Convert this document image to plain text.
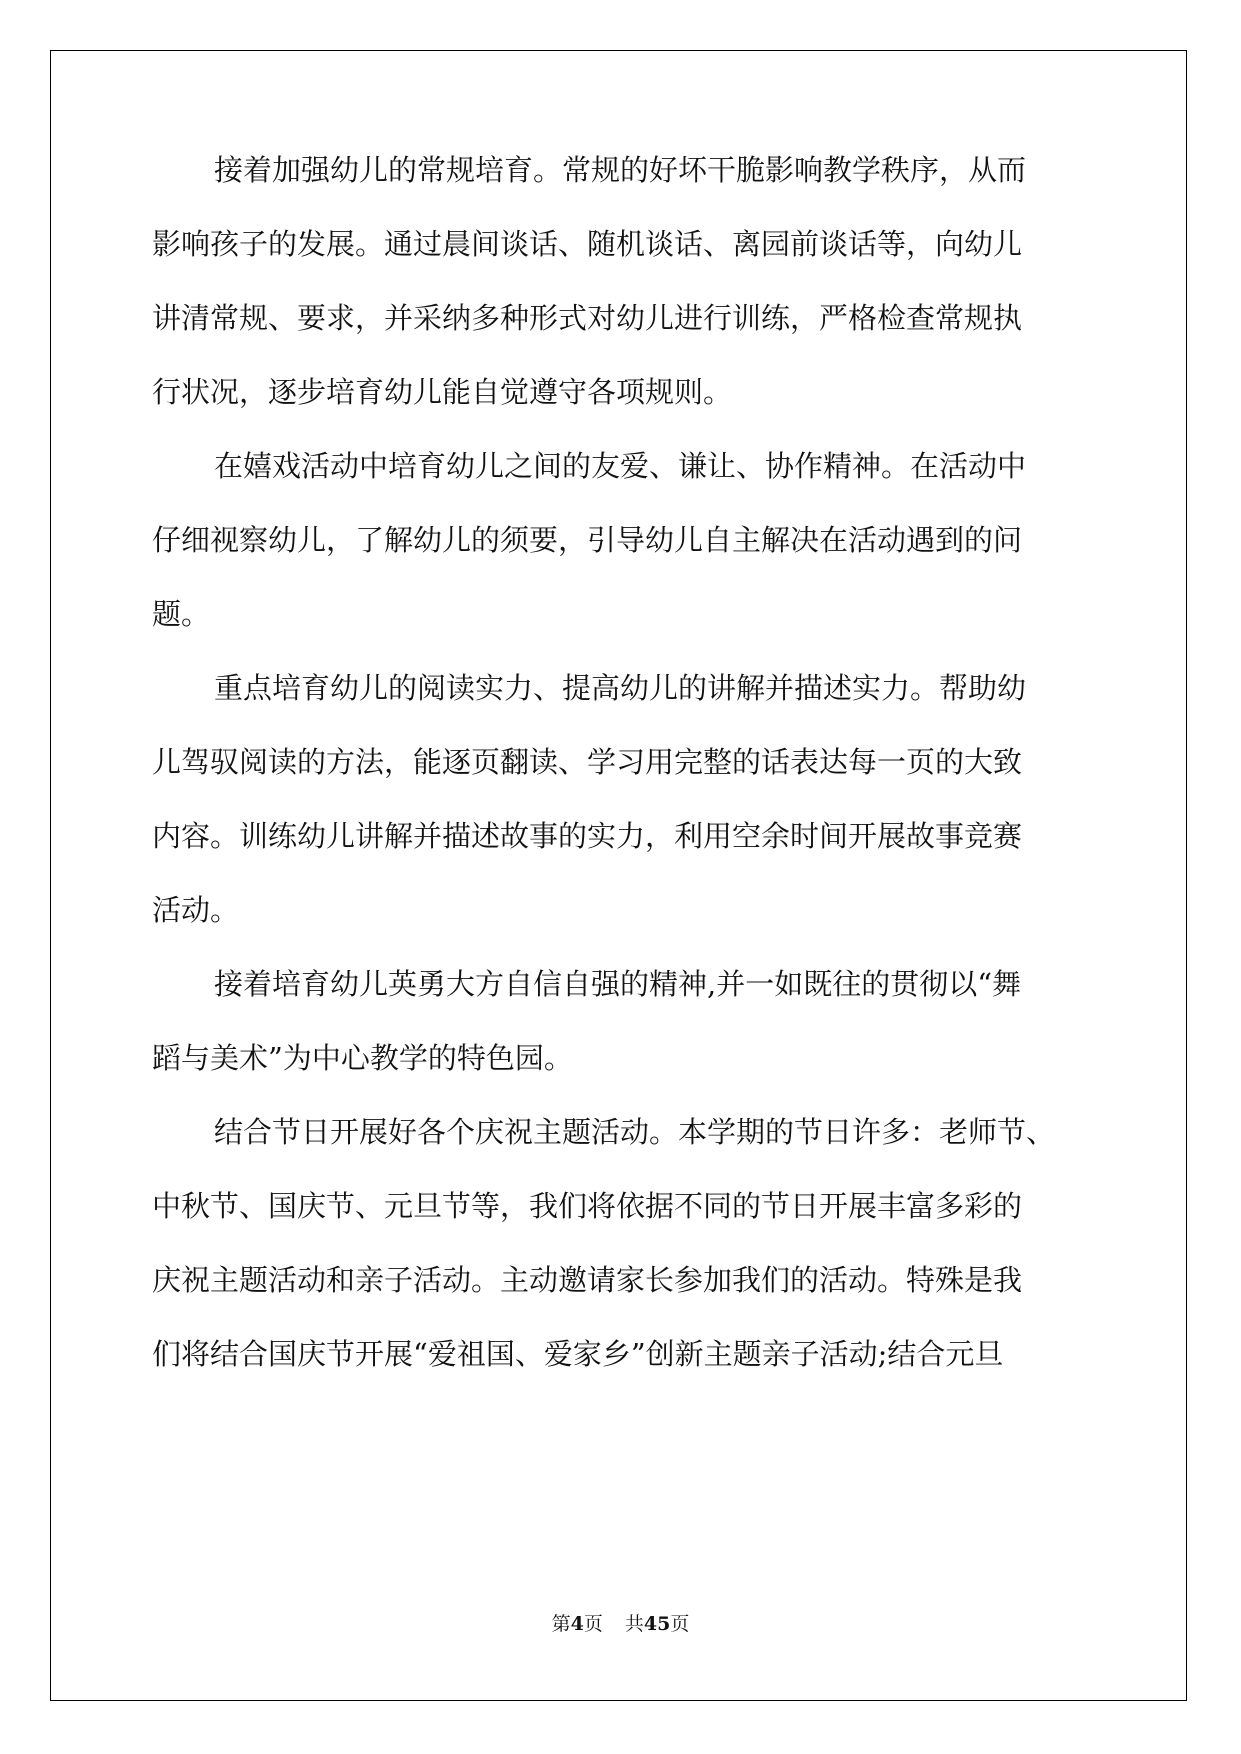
接着加强幼儿的常规培育。常规的好坏干脆影响教学秩序，从而
影响孩子的发展。通过晨间谈话、随机谈话、离园前谈话等，向幼儿
讲清常规、要求，并采纳多种形式对幼儿进行训练，严格检查常规执
行状况，逐步培育幼儿能自觉遵守各项规则。
在嬉戏活动中培育幼儿之间的友爱、谦让、协作精神。在活动中
仔细视察幼儿，了解幼儿的须要，引导幼儿自主解决在活动遇到的问
题。
重点培育幼儿的阅读实力、提高幼儿的讲解并描述实力。帮助幼
儿驾驭阅读的方法，能逐页翻读、学习用完整的话表达每一页的大致
内容。训练幼儿讲解并描述故事的实力，利用空余时间开展故事竞赛
活动。
接着培育幼儿英勇大方自信自强的精神,并一如既往的贯彻以“舞
蹈与美术”为中心教学的特色园。
结合节日开展好各个庆祝主题活动。本学期的节日许多：老师节、
中秋节、国庆节、元旦节等，我们将依据不同的节日开展丰富多彩的
庆祝主题活动和亲子活动。主动邀请家长参加我们的活动。特殊是我
们将结合国庆节开展“爱祖国、爱家乡”创新主题亲子活动;结合元旦
第4页 共45页
